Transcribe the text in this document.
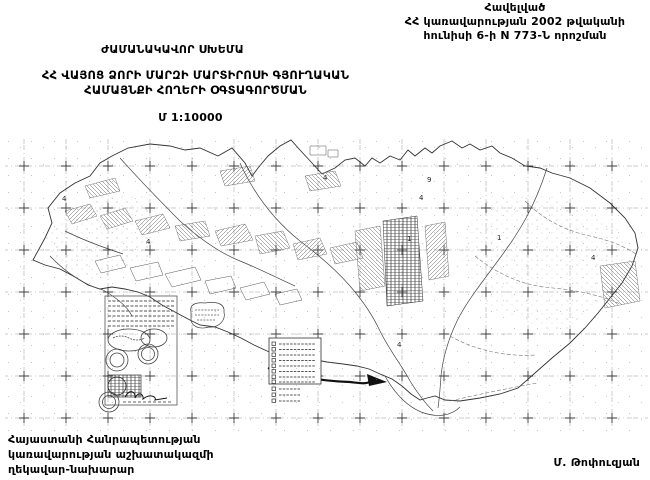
Հավելված
ՀՀ կառավարության 2002 թվականի
հունիսի 6-ի N 773-Ն որոշման
ԺԱՄԱՆԱԿԱՎՈՐ ՍԽԵՄԱ
ՀՀ ՎԱՅՈՑ ՁՈՐԻ ՄԱՐԶԻ ՄԱՐՏԻՐՈՍԻ ԳՅՈՒՂԱԿԱՆ
ՀԱՄԱՅՆՔԻ ՀՈՂԵՐԻ ՕԳՏԱԳՈՐԾՄԱՆ
Մ 1:10000
Հայաստանի Հանրապետության
կառավարության աշխատակազմի
ղեկավար-նախարար
Մ. Թոփուզյան
